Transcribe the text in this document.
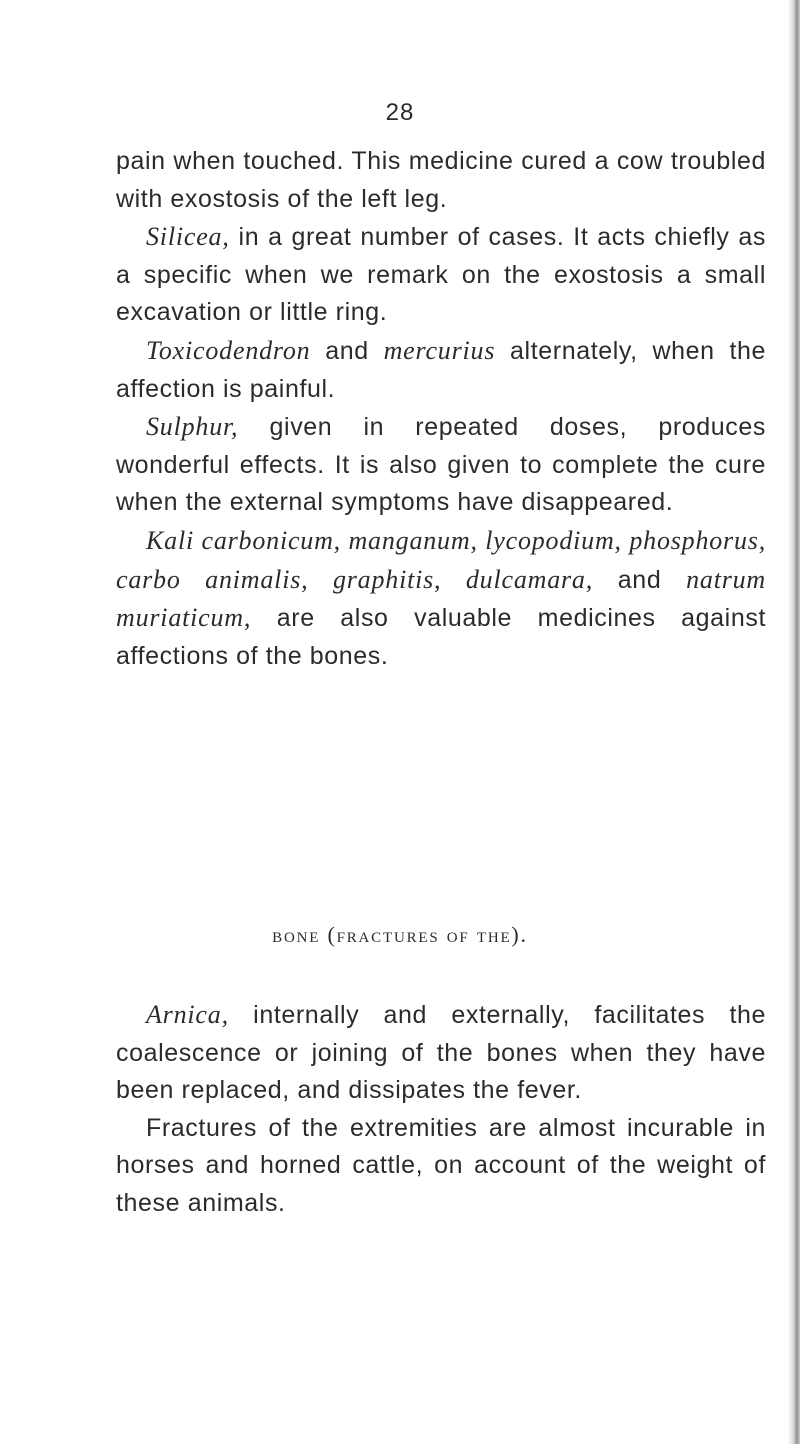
28

pain when touched. This medicine cured a cow troubled with exostosis of the left leg.

Silicea, in a great number of cases. It acts chiefly as a specific when we remark on the exostosis a small excavation or little ring.

Toxicodendron and mercurius alternately, when the affection is painful.

Sulphur, given in repeated doses, produces wonderful effects. It is also given to complete the cure when the external symptoms have disappeared.

Kali carbonicum, manganum, lycopodium, phosphorus, carbo animalis, graphitis, dulcamara, and natrum muriaticum, are also valuable medicines against affections of the bones.

bone (fractures of the).

Arnica, internally and externally, facilitates the coalescence or joining of the bones when they have been replaced, and dissipates the fever.

Fractures of the extremities are almost incurable in horses and horned cattle, on account of the weight of these animals.
